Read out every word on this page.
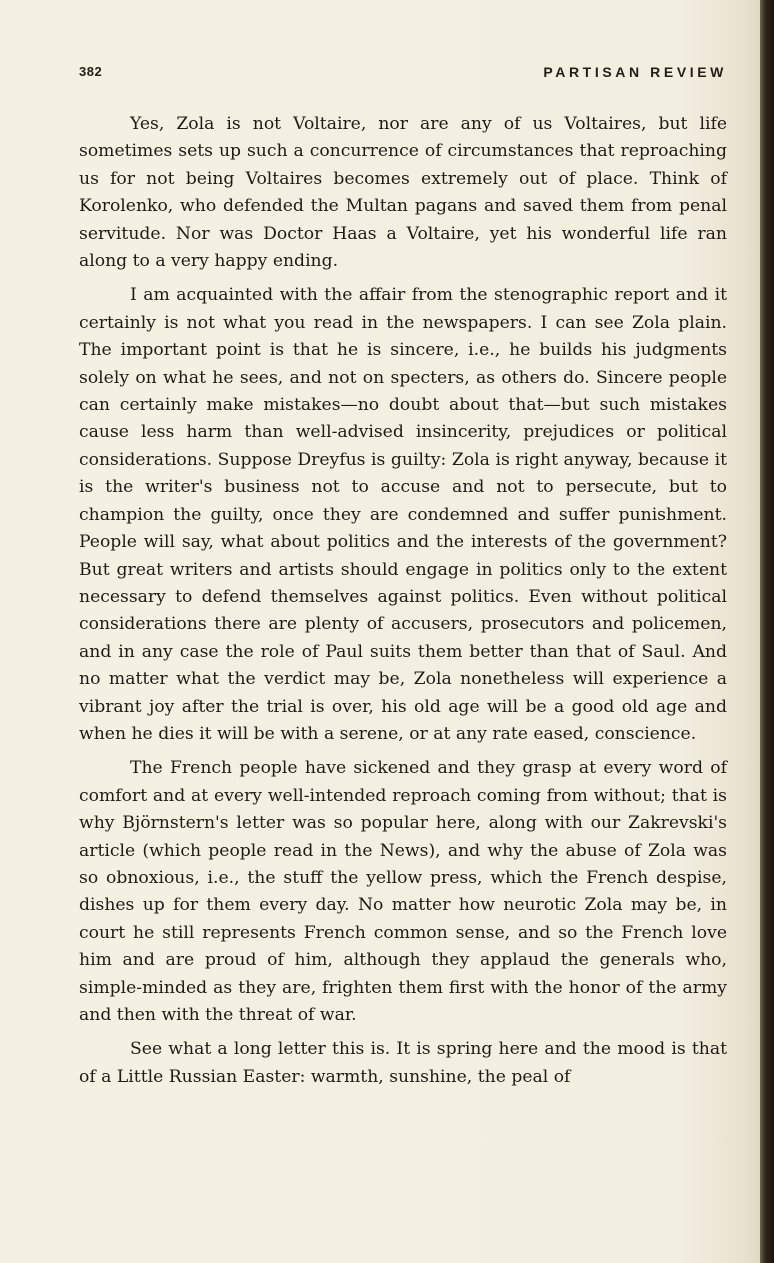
382	PARTISAN REVIEW

Yes, Zola is not Voltaire, nor are any of us Voltaires, but life sometimes sets up such a concurrence of circumstances that reproaching us for not being Voltaires becomes extremely out of place. Think of Korolenko, who defended the Multan pagans and saved them from penal servitude. Nor was Doctor Haas a Voltaire, yet his wonderful life ran along to a very happy ending.

I am acquainted with the affair from the stenographic report and it certainly is not what you read in the newspapers. I can see Zola plain. The important point is that he is sincere, i.e., he builds his judgments solely on what he sees, and not on specters, as others do. Sincere people can certainly make mistakes—no doubt about that—but such mistakes cause less harm than well-advised insincerity, prejudices or political considerations. Suppose Dreyfus is guilty: Zola is right anyway, because it is the writer's business not to accuse and not to persecute, but to champion the guilty, once they are condemned and suffer punishment. People will say, what about politics and the interests of the government? But great writers and artists should engage in politics only to the extent necessary to defend themselves against politics. Even without political considerations there are plenty of accusers, prosecutors and policemen, and in any case the role of Paul suits them better than that of Saul. And no matter what the verdict may be, Zola nonetheless will experience a vibrant joy after the trial is over, his old age will be a good old age and when he dies it will be with a serene, or at any rate eased, conscience.

The French people have sickened and they grasp at every word of comfort and at every well-intended reproach coming from without; that is why Björnstern's letter was so popular here, along with our Zakrevski's article (which people read in the News), and why the abuse of Zola was so obnoxious, i.e., the stuff the yellow press, which the French despise, dishes up for them every day. No matter how neurotic Zola may be, in court he still represents French common sense, and so the French love him and are proud of him, although they applaud the generals who, simple-minded as they are, frighten them first with the honor of the army and then with the threat of war.

See what a long letter this is. It is spring here and the mood is that of a Little Russian Easter: warmth, sunshine, the peal of
